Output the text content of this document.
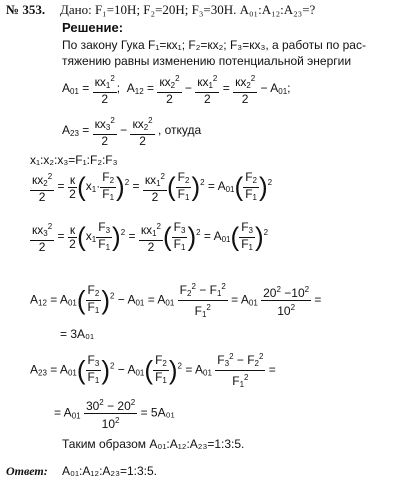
№ 353. Дано: F₁=10Н; F₂=20Н; F₃=30Н. A₀₁:A₁₂:A₂₃=?
Решение:
По закону Гука F₁=кx₁; F₂=кx₂; F₃=кx₃, а работы по рас-
тяжению равны изменению потенциальной энергии
$A_{01} = \frac{кx_1^2}{2}$ ;  $A_{12} = \frac{кx_2^2}{2} - \frac{кx_1^2}{2} = \frac{кx_2^2}{2} - A_{01}$;
$A_{23} = \frac{кx_3^2}{2} - \frac{кx_2^2}{2}$ , откуда
x₁:x₂:x₃=F₁:F₂:F₃
$\frac{кx_2^2}{2} = \frac{к}{2} (x_1\cdot \frac{F_2}{F_1} )^2 = \frac{кx_1^2}{2}$ ( $\frac{F_2}{F_1} )^2 = A_{01}( \frac{F_2}{F_1} )^2$
$\frac{кx_3^2}{2} = \frac{к}{2} (x_1 \frac{F_3}{F_1} )^2 = \frac{кx_1^2}{2}$ ( $\frac{F_3}{F_1} )^2 = A_{01}( \frac{F_3}{F_1} )^2$
$A_{12} = A_{01}( \frac{F_2}{F_1} )^2 - A_{01} = A_{01} \frac{F_2^2 - F_1^2}{F_1^2} = A_{01} \frac{20^2 -10^2}{10^2}$ =
= 3A₀₁
$A_{23} = A_{01}( \frac{F_3}{F_1} )^2 - A_{01}( \frac{F_2}{F_1} )^2 = A_{01} \frac{F_3^2 - F_2^2}{F_1^2}$ =
= $A_{01} \frac{30^2 - 20^2}{10^2} = 5A_{01}$
Таким образом A₀₁:A₁₂:A₂₃=1:3:5.
Ответ: A₀₁:A₁₂:A₂₃=1:3:5.
